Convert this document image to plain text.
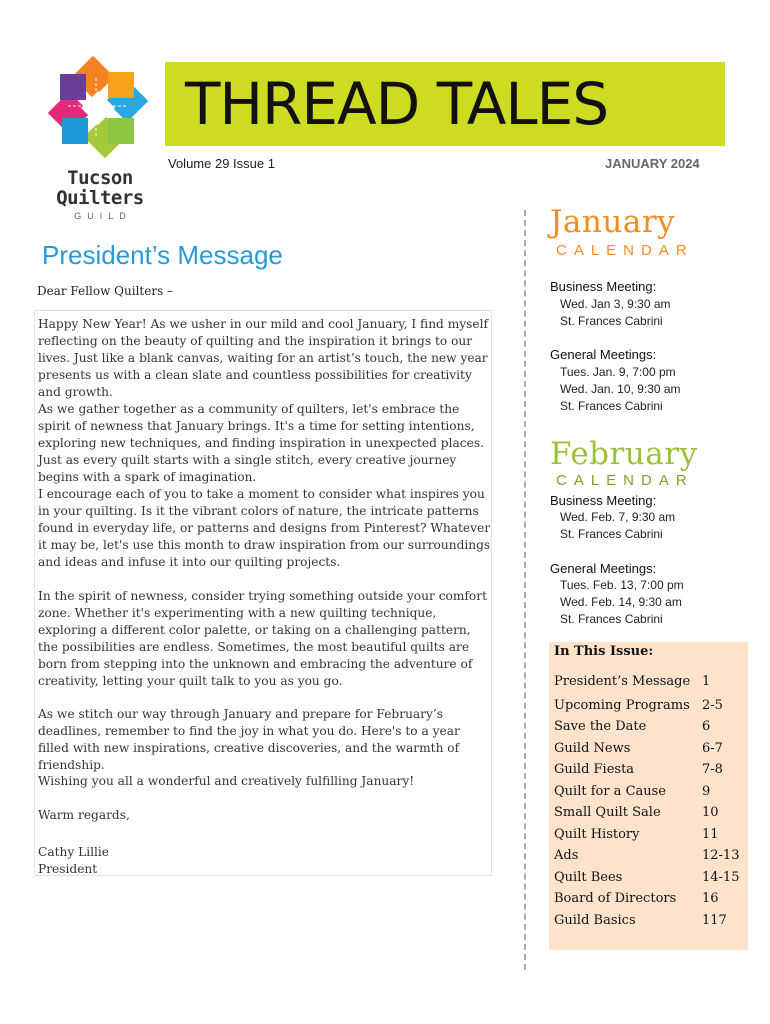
Tucson
Quilters
GUILD
THREAD TALES
Volume 29 Issue 1	JANUARY 2024
President’s Message
Dear Fellow Quilters –
Happy New Year! As we usher in our mild and cool January, I find myself reflecting on the beauty of quilting and the inspiration it brings to our lives. Just like a blank canvas, waiting for an artist’s touch, the new year presents us with a clean slate and countless possibilities for creativity and growth.
As we gather together as a community of quilters, let's embrace the spirit of newness that January brings. It's a time for setting intentions, exploring new techniques, and finding inspiration in unexpected places. Just as every quilt starts with a single stitch, every creative journey begins with a spark of imagination.
I encourage each of you to take a moment to consider what inspires you in your quilting. Is it the vibrant colors of nature, the intricate patterns found in everyday life, or patterns and designs from Pinterest? Whatever it may be, let's use this month to draw inspiration from our surroundings and ideas and infuse it into our quilting projects.
In the spirit of newness, consider trying something outside your comfort zone. Whether it's experimenting with a new quilting technique, exploring a different color palette, or taking on a challenging pattern, the possibilities are endless. Sometimes, the most beautiful quilts are born from stepping into the unknown and embracing the adventure of creativity, letting your quilt talk to you as you go.
As we stitch our way through January and prepare for February’s deadlines, remember to find the joy in what you do. Here's to a year filled with new inspirations, creative discoveries, and the warmth of friendship.
Wishing you all a wonderful and creatively fulfilling January!
Warm regards,
Cathy Lillie
President
January
CALENDAR
Business Meeting:
Wed. Jan 3, 9:30 am
St. Frances Cabrini
General Meetings:
Tues. Jan. 9, 7:00 pm
Wed. Jan. 10, 9:30 am
St. Frances Cabrini
February
CALENDAR
Business Meeting:
Wed. Feb. 7, 9:30 am
St. Frances Cabrini
General Meetings:
Tues. Feb. 13, 7:00 pm
Wed. Feb. 14, 9:30 am
St. Frances Cabrini
In This Issue:
President’s Message 1
Upcoming Programs 2-5
Save the Date	6
Guild News	6-7
Guild Fiesta	7-8
Quilt for a Cause	9
Small Quilt Sale	10
Quilt History	11
Ads	12-13
Quilt Bees	14-15
Board of Directors	16
Guild Basics	117
